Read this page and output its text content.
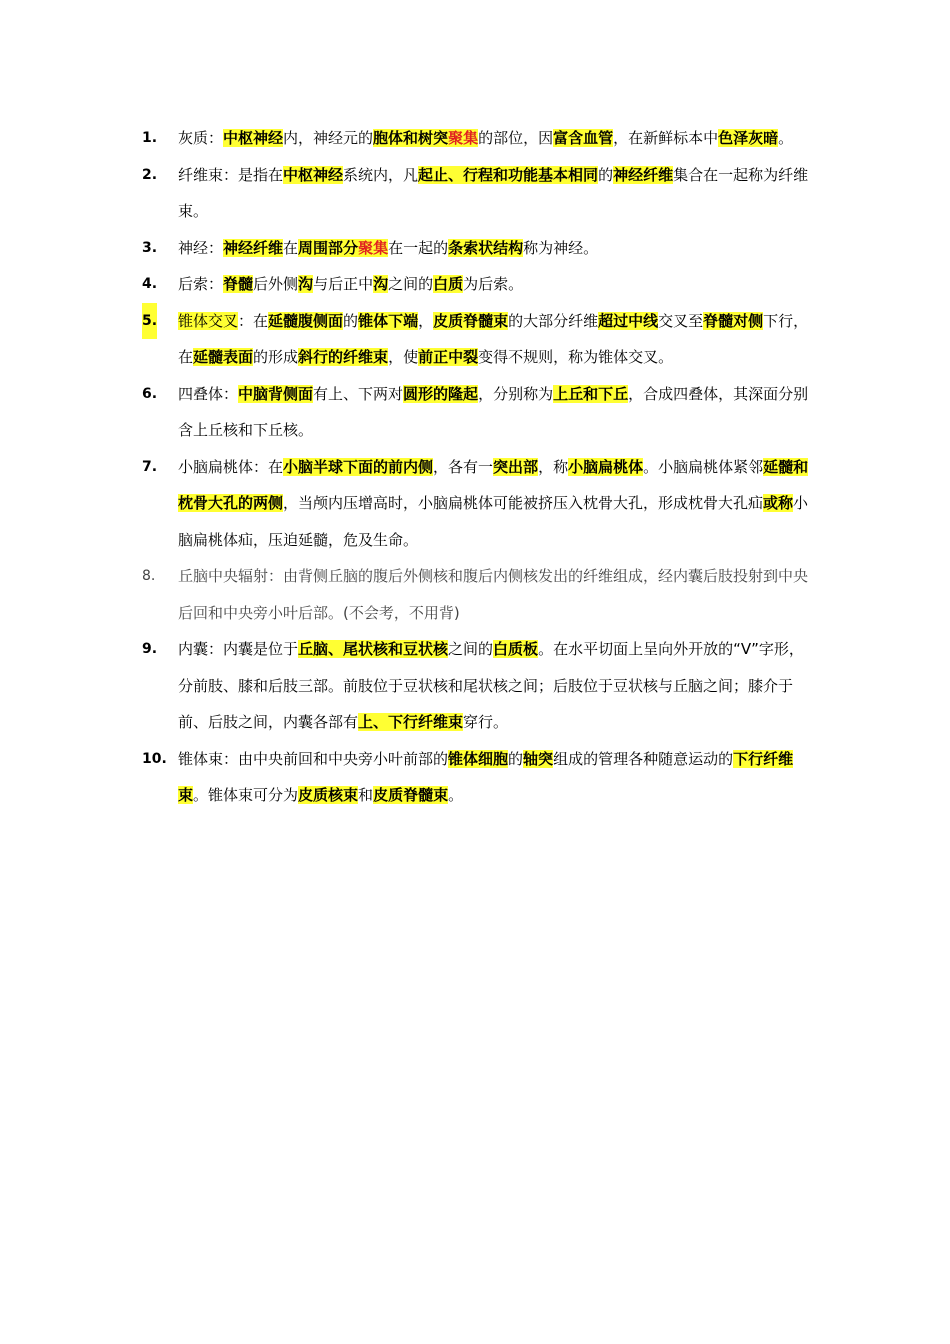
1. 灰质：中枢神经内，神经元的胞体和树突聚集的部位，因富含血管，在新鲜标本中色泽灰暗。
2. 纤维束：是指在中枢神经系统内，凡起止、行程和功能基本相同的神经纤维集合在一起称为纤维束。
3. 神经：神经纤维在周围部分聚集在一起的条索状结构称为神经。
4. 后索：脊髓后外侧沟与后正中沟之间的白质为后索。
5. 锥体交叉：在延髓腹侧面的锥体下端，皮质脊髓束的大部分纤维超过中线交叉至脊髓对侧下行，在延髓表面的形成斜行的纤维束，使前正中裂变得不规则，称为锥体交叉。
6. 四叠体：中脑背侧面有上、下两对圆形的隆起，分别称为上丘和下丘，合成四叠体，其深面分别含上丘核和下丘核。
7. 小脑扁桃体：在小脑半球下面的前内侧，各有一突出部，称小脑扁桃体。小脑扁桃体紧邻延髓和枕骨大孔的两侧，当颅内压增高时，小脑扁桃体可能被挤压入枕骨大孔，形成枕骨大孔疝或称小脑扁桃体疝，压迫延髓，危及生命。
8. 丘脑中央辐射：由背侧丘脑的腹后外侧核和腹后内侧核发出的纤维组成，经内囊后肢投射到中央后回和中央旁小叶后部。(不会考，不用背)
9. 内囊：内囊是位于丘脑、尾状核和豆状核之间的白质板。在水平切面上呈向外开放的“V”字形，分前肢、膝和后肢三部。前肢位于豆状核和尾状核之间；后肢位于豆状核与丘脑之间；膝介于前、后肢之间，内囊各部有上、下行纤维束穿行。
10. 锥体束：由中央前回和中央旁小叶前部的锥体细胞的轴突组成的管理各种随意运动的下行纤维束。锥体束可分为皮质核束和皮质脊髓束。
